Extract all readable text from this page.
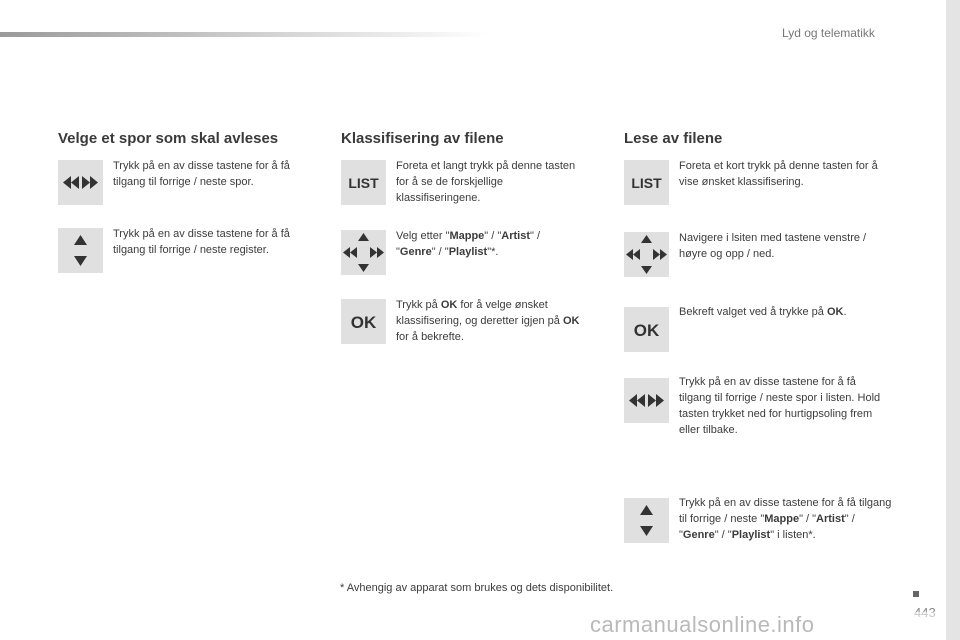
Lyd og telematikk
Velge et spor som skal avleses
Trykk på en av disse tastene for å få tilgang til forrige / neste spor.
Trykk på en av disse tastene for å få tilgang til forrige / neste register.
Klassifisering av filene
LIST
Foreta et langt trykk på denne tasten for å se de forskjellige klassifiseringene.
Velg etter "Mappe" / "Artist" / "Genre" / "Playlist"*.
OK
Trykk på OK for å velge ønsket klassifisering, og deretter igjen på OK for å bekrefte.
Lese av filene
LIST
Foreta et kort trykk på denne tasten for å vise ønsket klassifisering.
Navigere i lsiten med tastene venstre / høyre og opp / ned.
OK
Bekreft valget ved å trykke på OK.
Trykk på en av disse tastene for å få tilgang til forrige / neste spor i listen. Hold tasten trykket ned for hurtigpsoling frem eller tilbake.
Trykk på en av disse tastene for å få tilgang til forrige / neste "Mappe" / "Artist" / "Genre" / "Playlist" i listen*.
* Avhengig av apparat som brukes og dets disponibilitet.
carmanualsonline.info
